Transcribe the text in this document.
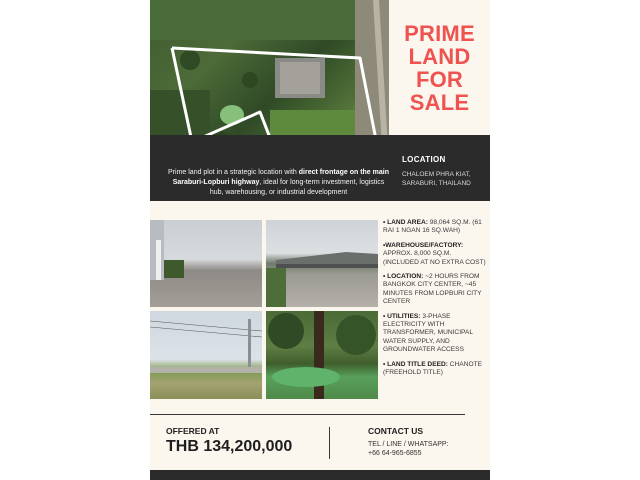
PRIME LAND FOR SALE

Prime land plot in a strategic location with direct frontage on the main Saraburi-Lopburi highway, ideal for long-term investment, logistics hub, warehousing, or industrial development

LOCATION
CHALOEM PHRA KIAT, SARABURI, THAILAND

• LAND AREA: 98,064 SQ.M. (61 RAI 1 NGAN 16 SQ.WAH)

•WAREHOUSE/FACTORY: APPROX. 8,000 SQ.M. (INCLUDED AT NO EXTRA COST)

• LOCATION: ~2 HOURS FROM BANGKOK CITY CENTER, ~45 MINUTES FROM LOPBURI CITY CENTER

• UTILITIES: 3-PHASE ELECTRICITY WITH TRANSFORMER, MUNICIPAL WATER SUPPLY, AND GROUNDWATER ACCESS

• LAND TITLE DEED: CHANOTE (FREEHOLD TITLE)

OFFERED AT
THB 134,200,000
CONTACT US
TEL / LINE / WHATSAPP:
+66 64-965-6855
